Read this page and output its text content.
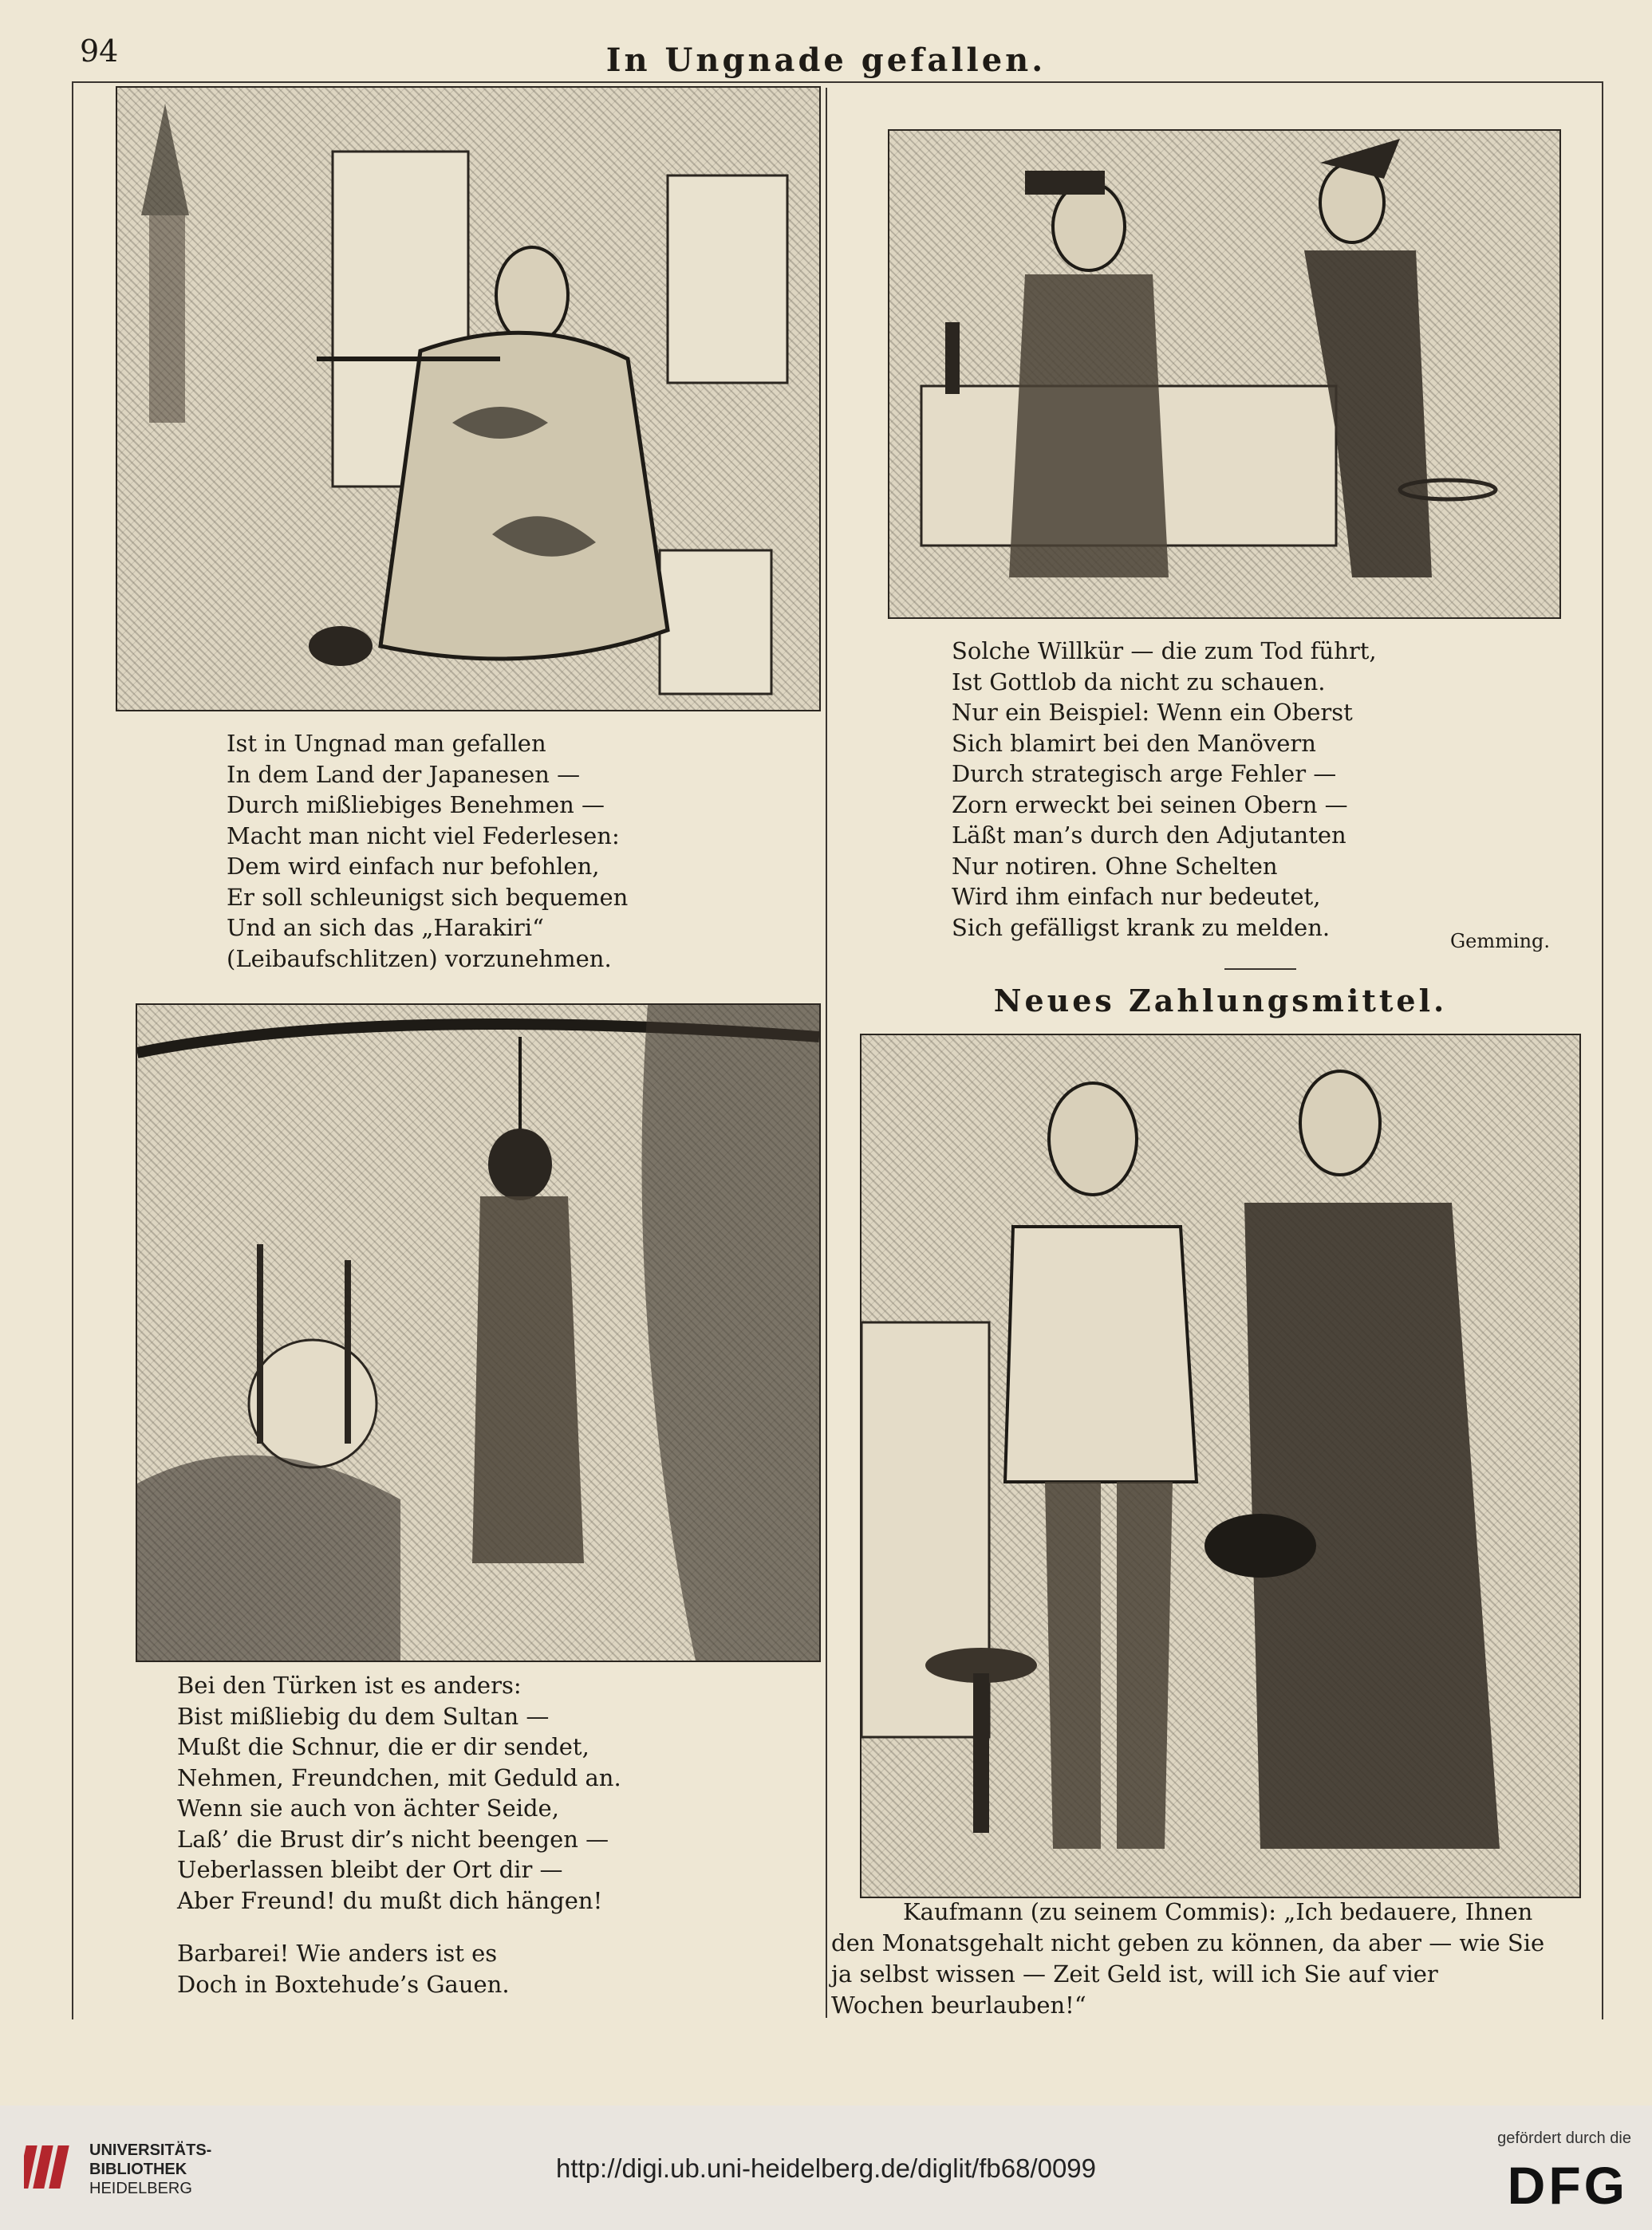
94	In Ungnade gefallen.
Ist in Ungnad man gefallen
In dem Land der Japanesen —
Durch mißliebiges Benehmen —
Macht man nicht viel Federlesen:
Dem wird einfach nur befohlen,
Er soll schleunigst sich bequemen
Und an sich das „Harakiri“
(Leibaufschlitzen) vorzunehmen.
Bei den Türken ist es anders:
Bist mißliebig du dem Sultan —
Mußt die Schnur, die er dir sendet,
Nehmen, Freundchen, mit Geduld an.
Wenn sie auch von ächter Seide,
Laß’ die Brust dir’s nicht beengen —
Ueberlassen bleibt der Ort dir —
Aber Freund! du mußt dich hängen!
Barbarei! Wie anders ist es
Doch in Boxtehude’s Gauen.
Solche Willkür — die zum Tod führt,
Ist Gottlob da nicht zu schauen.
Nur ein Beispiel: Wenn ein Oberst
Sich blamirt bei den Manövern
Durch strategisch arge Fehler —
Zorn erweckt bei seinen Obern —
Läßt man’s durch den Adjutanten
Nur notiren. Ohne Schelten
Wird ihm einfach nur bedeutet,
Sich gefälligst krank zu melden.
Gemming.
Neues Zahlungsmittel.

Kaufmann (zu seinem Commis): „Ich bedauere, Ihnen

den Monatsgehalt nicht geben zu können, da aber — wie Sie

ja selbst wissen — Zeit Geld ist, will ich Sie auf vier

Wochen beurlauben!“

UNIVERSITÄTS-
BIBLIOTHEK
HEIDELBERG
http://digi.ub.uni-heidelberg.de/diglit/fb68/0099
gefördert durch die
DFG
